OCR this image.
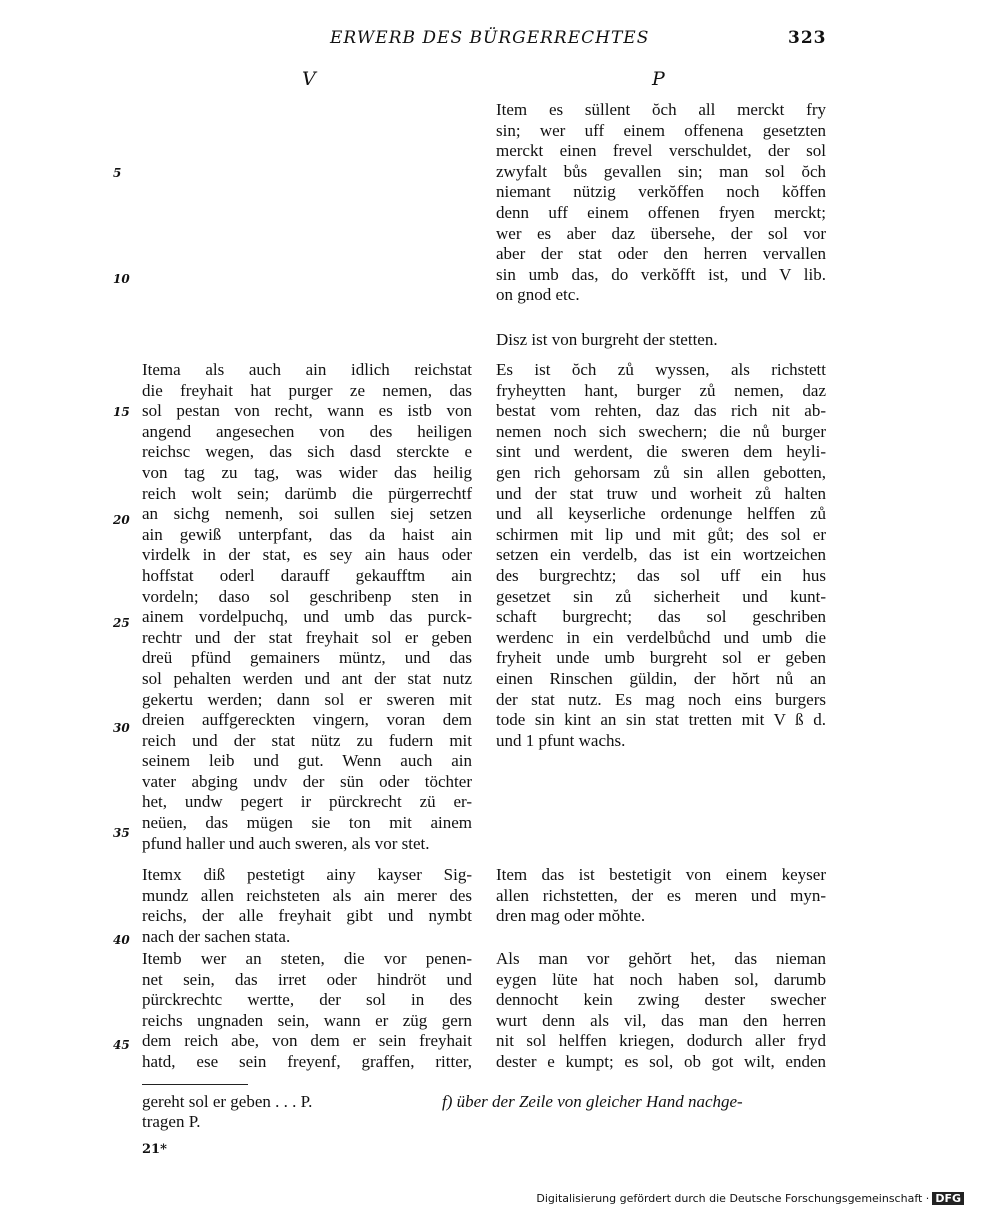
ERWERB DES BÜRGERRECHTES	323
V	P
5
10
15
20
25
30
35
40
45
Item es süllent ŏch all merckt fry
sin; wer uff einem offenena gesetzten
merckt einen frevel verschuldet, der sol
zwyfalt bůs gevallen sin; man sol ŏch
niemant nützig verkŏffen noch kŏffen
denn uff einem offenen fryen merckt;
wer es aber daz übersehe, der sol vor
aber der stat oder den herren vervallen
sin umb das, do verkŏfft ist, und V lib.
on gnod etc.
Disz ist von burgreht der stetten.
Itema als auch ain idlich reichstat
die freyhait hat purger ze nemen, das
sol pestan von recht, wann es istb von
angend angesechen von des heiligen
reichsc wegen, das sich dasd sterckte e
von tag zu tag, was wider das heilig
reich wolt sein; darümb die pürgerrechtf
an sichg nemenh, soi sullen siej setzen
ain gewiß unterpfant, das da haist ain
virdelk in der stat, es sey ain haus oder
hoffstat oderl darauff gekaufftm ain
vordeln; daso sol geschribenp sten in
ainem vordelpuchq, und umb das purck-
rechtr und der stat freyhait sol er geben
dreü pfünd gemainers müntz, und das
sol pehalten werden und ant der stat nutz
gekertu werden; dann sol er sweren mit
dreien auffgereckten vingern, voran dem
reich und der stat nütz zu fudern mit
seinem leib und gut. Wenn auch ain
vater abging undv der sün oder töchter
het, undw pegert ir pürckrecht zü er-
neüen, das mügen sie ton mit ainem
pfund haller und auch sweren, als vor stet.
Es ist ŏch zů wyssen, als richstett
fryheytten hant, burger zů nemen, daz
bestat vom rehten, daz das rich nit ab-
nemen noch sich swechern; die nů burger
sint und werdent, die sweren dem heyli-
gen rich gehorsam zů sin allen gebotten,
und der stat truw und worheit zů halten
und all keyserliche ordenunge helffen zů
schirmen mit lip und mit gůt; des sol er
setzen ein verdelb, das ist ein wortzeichen
des burgrechtz; das sol uff ein hus
gesetzet sin zů sicherheit und kunt-
schaft burgrecht; das sol geschriben
werdenc in ein verdelbůchd und umb die
fryheit unde umb burgreht sol er geben
einen Rinschen güldin, der hŏrt nů an
der stat nutz. Es mag noch eins burgers
tode sin kint an sin stat tretten mit V ß d.
und 1 pfunt wachs.
Itemx diß pestetigt ainy kayser Sig-
mundz allen reichsteten als ain merer des
reichs, der alle freyhait gibt und nymbt
nach der sachen stata.
Item das ist bestetigit von einem keyser
allen richstetten, der es meren und myn-
dren mag oder mŏhte.
Itemb wer an steten, die vor penen-
net sein, das irret oder hindröt und
pürckrechtc wertte, der sol in des
reichs ungnaden sein, wann er züg gern
dem reich abe, von dem er sein freyhait
hatd, ese sein freyenf, graffen, ritter,
Als man vor gehŏrt het, das nieman
eygen lüte hat noch haben sol, darumb
dennocht kein zwing dester swecher
wurt denn als vil, das man den herren
nit sol helffen kriegen, dodurch aller fryd
dester e kumpt; es sol, ob got wilt, enden
gereht sol er geben . . . P.
tragen P.
f) über der Zeile von gleicher Hand nachge-
21*
Digitalisierung gefördert durch die Deutsche Forschungsgemeinschaft · DFG
